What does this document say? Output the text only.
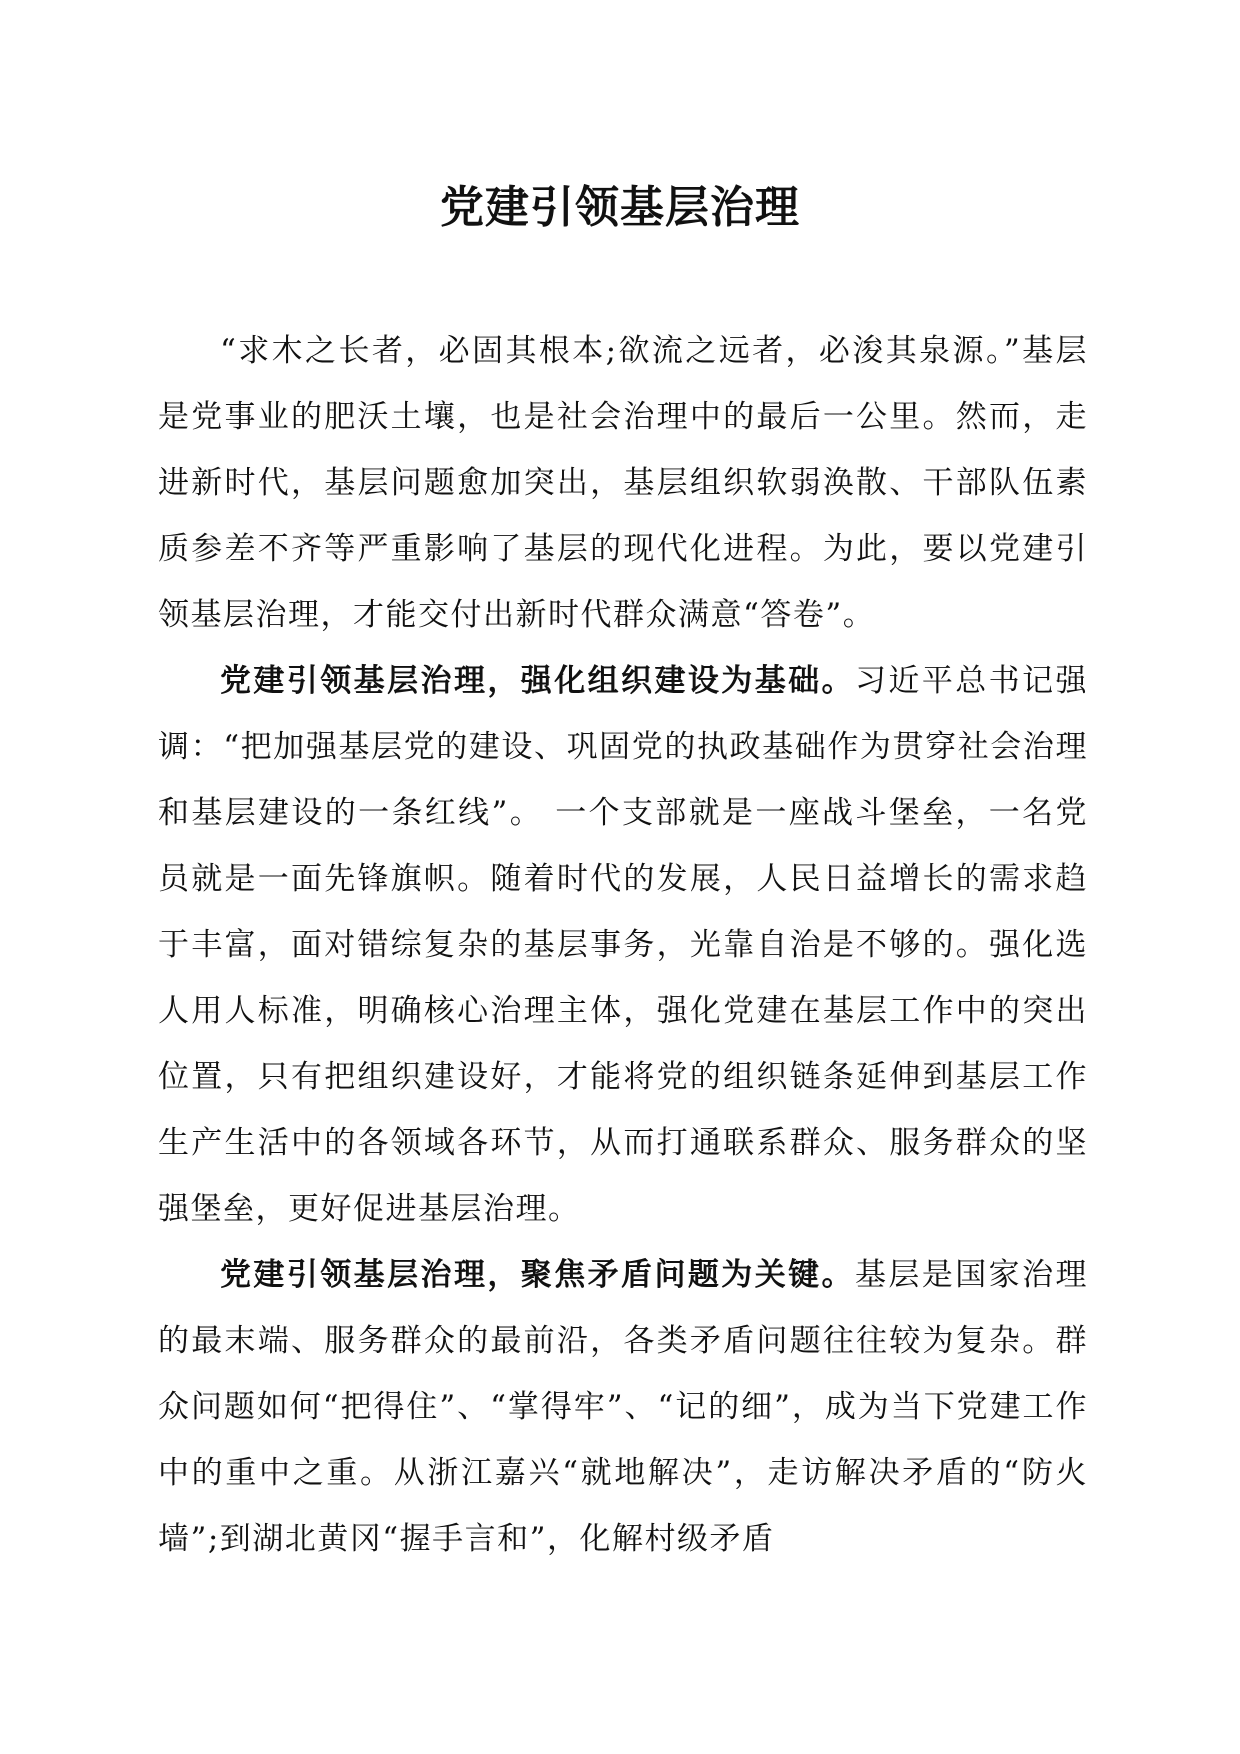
党建引领基层治理

“求木之长者，必固其根本;欲流之远者，必浚其泉源。”基层是党事业的肥沃土壤，也是社会治理中的最后一公里。然而，走进新时代，基层问题愈加突出，基层组织软弱涣散、干部队伍素质参差不齐等严重影响了基层的现代化进程。为此，要以党建引领基层治理，才能交付出新时代群众满意“答卷”。

党建引领基层治理，强化组织建设为基础。习近平总书记强调：“把加强基层党的建设、巩固党的执政基础作为贯穿社会治理和基层建设的一条红线”。 一个支部就是一座战斗堡垒，一名党员就是一面先锋旗帜。随着时代的发展，人民日益增长的需求趋于丰富，面对错综复杂的基层事务，光靠自治是不够的。强化选人用人标准，明确核心治理主体，强化党建在基层工作中的突出位置，只有把组织建设好，才能将党的组织链条延伸到基层工作生产生活中的各领域各环节，从而打通联系群众、服务群众的坚强堡垒，更好促进基层治理。

党建引领基层治理，聚焦矛盾问题为关键。基层是国家治理的最末端、服务群众的最前沿，各类矛盾问题往往较为复杂。群众问题如何“把得住”、“掌得牢”、“记的细”，成为当下党建工作中的重中之重。从浙江嘉兴“就地解决”，走访解决矛盾的“防火墙”;到湖北黄冈“握手言和”，化解村级矛盾
